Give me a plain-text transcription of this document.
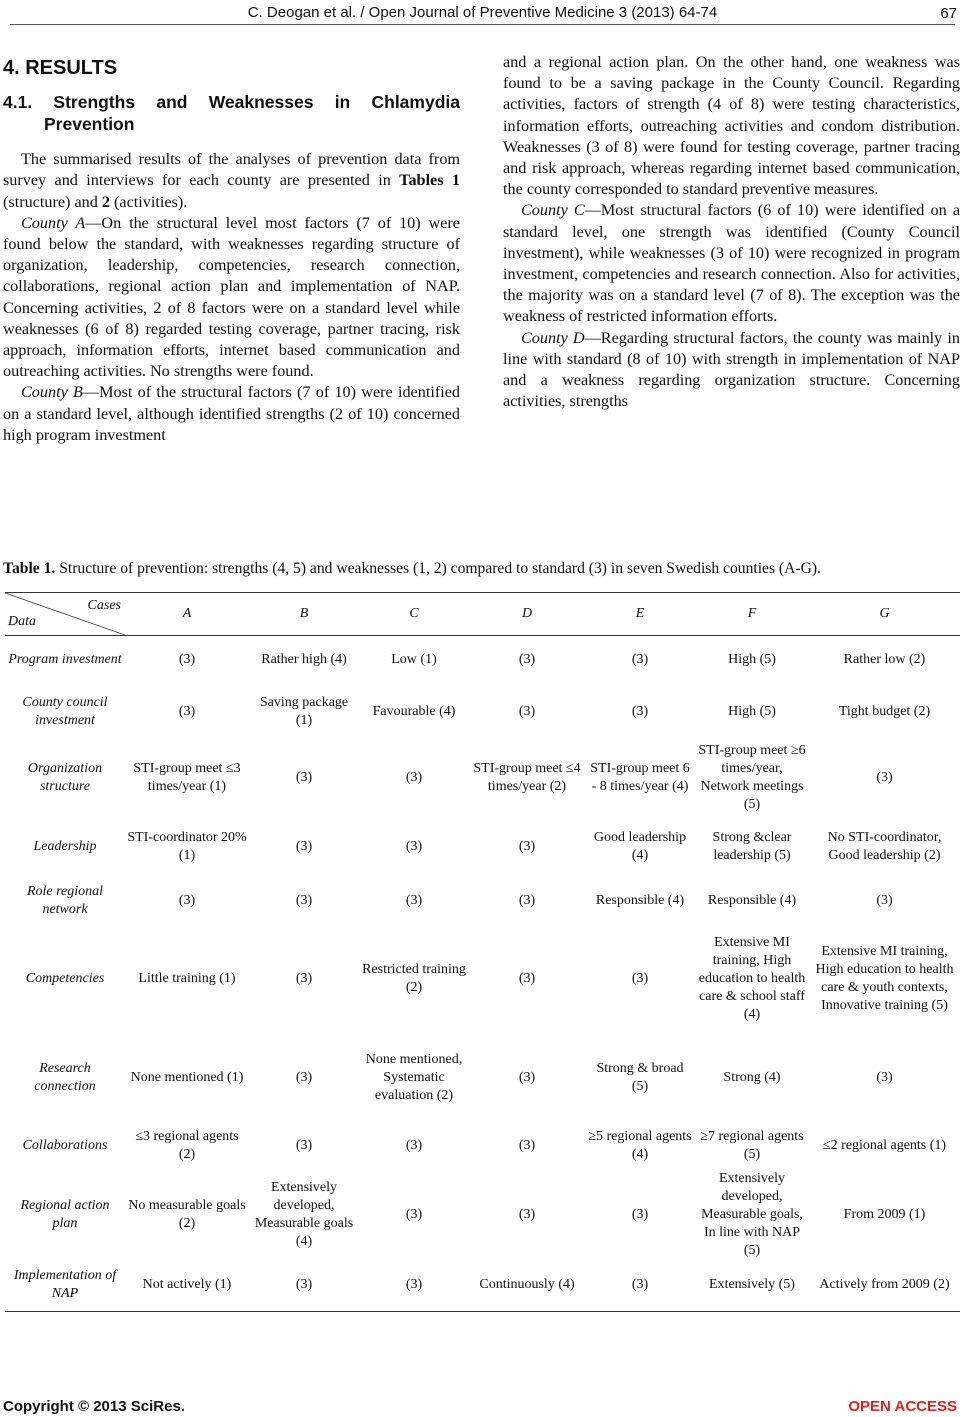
C. Deogan et al. / Open Journal of Preventive Medicine 3 (2013) 64-74	67
4. RESULTS
4.1. Strengths and Weaknesses in Chlamydia Prevention

The summarised results of the analyses of prevention data from survey and interviews for each county are presented in Tables 1 (structure) and 2 (activities).

County A—On the structural level most factors (7 of 10) were found below the standard, with weaknesses regarding structure of organization, leadership, competencies, research connection, collaborations, regional action plan and implementation of NAP. Concerning activities, 2 of 8 factors were on a standard level while weaknesses (6 of 8) regarded testing coverage, partner tracing, risk approach, information efforts, internet based communication and outreaching activities. No strengths were found.

County B—Most of the structural factors (7 of 10) were identified on a standard level, although identified strengths (2 of 10) concerned high program investment

and a regional action plan. On the other hand, one weakness was found to be a saving package in the County Council. Regarding activities, factors of strength (4 of 8) were testing characteristics, information efforts, outreaching activities and condom distribution. Weaknesses (3 of 8) were found for testing coverage, partner tracing and risk approach, whereas regarding internet based communication, the county corresponded to standard preventive measures.

County C—Most structural factors (6 of 10) were identified on a standard level, one strength was identified (County Council investment), while weaknesses (3 of 10) were recognized in program investment, competencies and research connection. Also for activities, the majority was on a standard level (7 of 8). The exception was the weakness of restricted information efforts.

County D—Regarding structural factors, the county was mainly in line with standard (8 of 10) with strength in implementation of NAP and a weakness regarding organization structure. Concerning activities, strengths

Table 1. Structure of prevention: strengths (4, 5) and weaknesses (1, 2) compared to standard (3) in seven Swedish counties (A-G).
Cases
Data	A	B	C	D	E	F	G
Program investment	(3)	Rather high (4)	Low (1)	(3)	(3)	High (5)	Rather low (2)
County council investment	(3)	Saving package (1)	Favourable (4)	(3)	(3)	High (5)	Tight budget (2)
Organization structure	STI-group meet ≤3 times/year (1)	(3)	(3)	STI-group meet ≤4 times/year (2)	STI-group meet 6 - 8 times/year (4)	STI-group meet ≥6 times/year, Network meetings (5)	(3)
Leadership	STI-coordinator 20% (1)	(3)	(3)	(3)	Good leadership (4)	Strong &clear leadership (5)	No STI-coordinator, Good leadership (2)
Role regional network	(3)	(3)	(3)	(3)	Responsible (4)	Responsible (4)	(3)
Competencies	Little training (1)	(3)	Restricted training (2)	(3)	(3)	Extensive MI training, High education to health care & school staff (4)	Extensive MI training, High education to health care & youth contexts, Innovative training (5)
Research connection	None mentioned (1)	(3)	None mentioned, Systematic evaluation (2)	(3)	Strong & broad (5)	Strong (4)	(3)
Collaborations	≤3 regional agents (2)	(3)	(3)	(3)	≥5 regional agents (4)	≥7 regional agents (5)	≤2 regional agents (1)
Regional action plan	No measurable goals (2)	Extensively developed, Measurable goals (4)	(3)	(3)	(3)	Extensively developed, Measurable goals, In line with NAP (5)	From 2009 (1)
Implementation of NAP	Not actively (1)	(3)	(3)	Continuously (4)	(3)	Extensively (5)	Actively from 2009 (2)
Copyright © 2013 SciRes.	OPEN ACCESS
